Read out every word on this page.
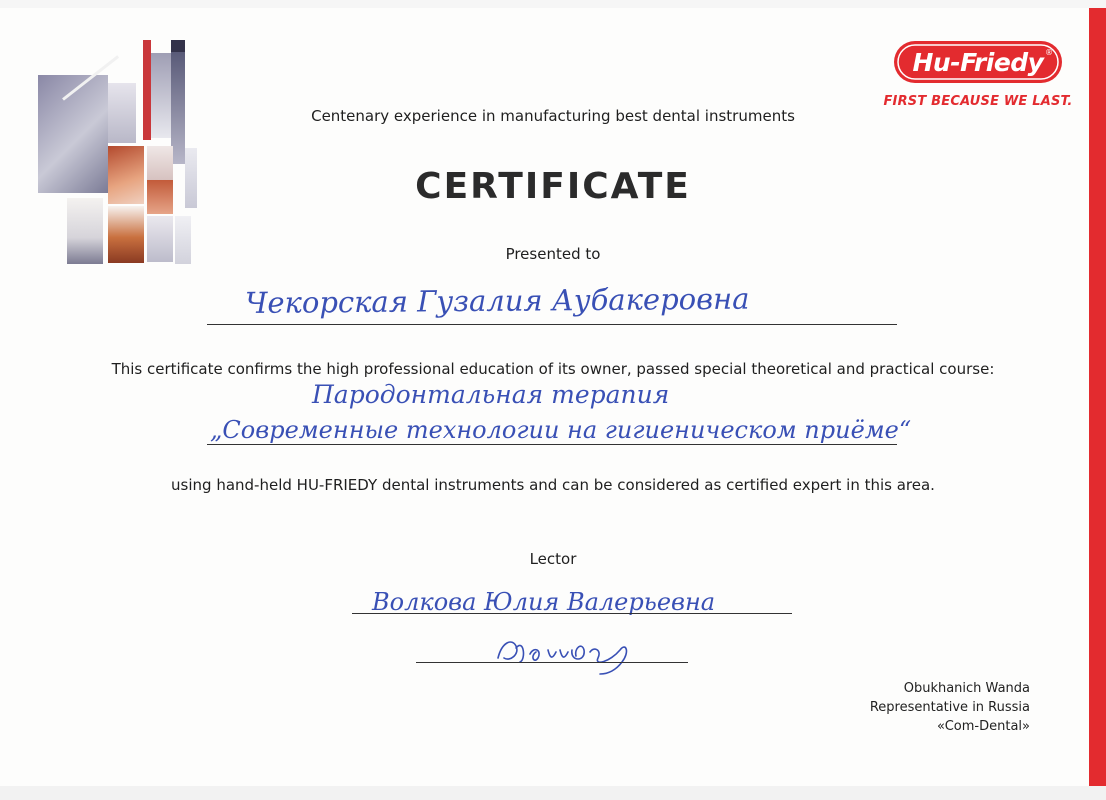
Hu-Friedy ®
FIRST BECAUSE WE LAST.
Centenary experience in manufacturing best dental instruments
CERTIFICATE
Presented to
Чекорская Гузалия Аубакеровна
This certificate confirms the high professional education of its owner, passed special theoretical and practical course:
Пародонтальная терапия
„Современные технологии на гигиеническом приёме“
using hand-held HU-FRIEDY dental instruments and can be considered as certified expert in this area.
Lector
Волкова Юлия Валерьевна
Obukhanich Wanda
Representative in Russia
«Com-Dental»
